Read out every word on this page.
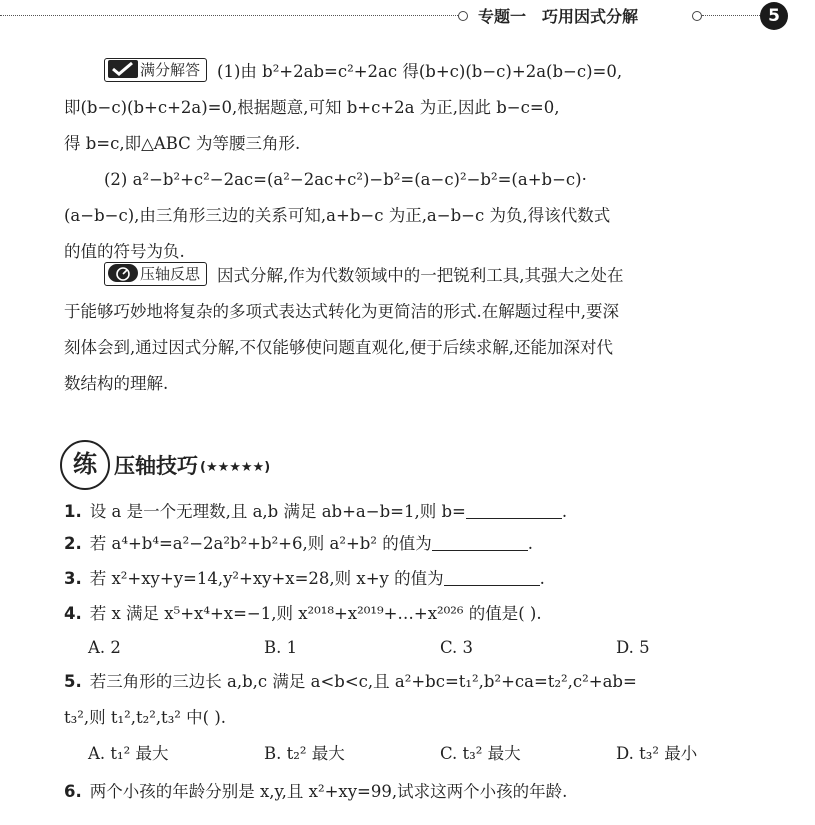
专题一 巧用因式分解	5
满分解答 (1)由 b²+2ab=c²+2ac 得(b+c)(b−c)+2a(b−c)=0,
即(b−c)(b+c+2a)=0,根据题意,可知 b+c+2a 为正,因此 b−c=0,
得 b=c,即△ABC 为等腰三角形.
(2) a²−b²+c²−2ac=(a²−2ac+c²)−b²=(a−c)²−b²=(a+b−c)·
(a−b−c),由三角形三边的关系可知,a+b−c 为正,a−b−c 为负,得该代数式
的值的符号为负.
压轴反思 因式分解,作为代数领域中的一把锐利工具,其强大之处在
于能够巧妙地将复杂的多项式表达式转化为更简洁的形式.在解题过程中,要深
刻体会到,通过因式分解,不仅能够使问题直观化,便于后续求解,还能加深对代
数结构的理解.
练 压轴技巧 (★★★★★)
1. 设 a 是一个无理数,且 a,b 满足 ab+a−b=1,则 b=	.
2. 若 a⁴+b⁴=a²−2a²b²+b²+6,则 a²+b² 的值为	.
3. 若 x²+xy+y=14,y²+xy+x=28,则 x+y 的值为	.
4. 若 x 满足 x⁵+x⁴+x=−1,则 x²⁰¹⁸+x²⁰¹⁹+…+x²⁰²⁶ 的值是( ).
A. 2	B. 1	C. 3	D. 5
5. 若三角形的三边长 a,b,c 满足 a<b<c,且 a²+bc=t₁²,b²+ca=t₂²,c²+ab=
t₃²,则 t₁²,t₂²,t₃² 中( ).
A. t₁² 最大	B. t₂² 最大	C. t₃² 最大	D. t₃² 最小
6. 两个小孩的年龄分别是 x,y,且 x²+xy=99,试求这两个小孩的年龄.
